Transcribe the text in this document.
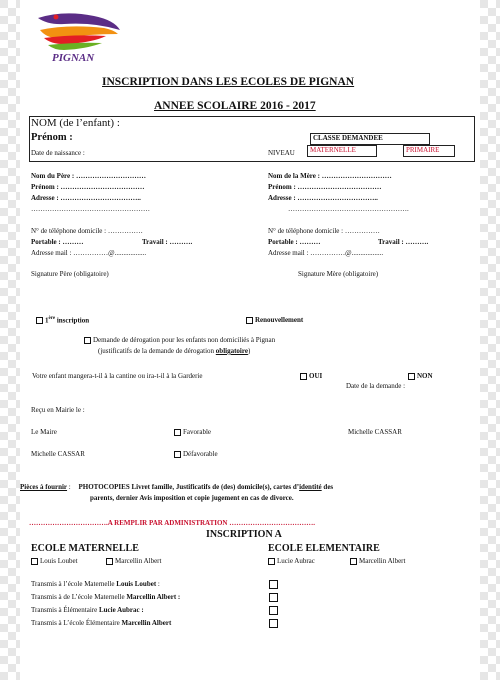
PIGNAN
INSCRIPTION DANS LES ECOLES DE PIGNAN
ANNEE SCOLAIRE 2016 - 2017
NOM (de l’enfant) :
Prénom :
Date de naissance :
CLASSE DEMANDEE
NIVEAU MATERNELLE	PRIMAIRE
Nom du Père : …………………………
Prénom : ………………………………
Adresse : ……………………………..
……………………………………………
N° de téléphone domicile : ……………
Portable : ………	Travail : ……….
Adresse mail : ……………@..................
Signature Père (obligatoire)
Nom de la Mère : …………………………
Prénom : ………………………………
Adresse : ……………………………..
…………………………………………….
N° de téléphone domicile : ……………
Portable : ………	Travail : ……….
Adresse mail : ……………@..................
Signature Mère (obligatoire)
1ère inscription	Renouvellement
Demande de dérogation pour les enfants non domiciliés à Pignan
(justificatifs de la demande de dérogation obligatoire)
Votre enfant mangera-t-il à la cantine ou ira-t-il à la Garderie	OUI	NON
Date de la demande :
Reçu en Mairie le :
Le Maire	Favorable	Michelle CASSAR
Michelle CASSAR	Défavorable
Pièces à fournir : PHOTOCOPIES Livret famille, Justificatifs de (des) domicile(s), cartes d’identité des
parents, dernier Avis imposition et copie jugement en cas de divorce.
…………………………….A REMPLIR PAR ADMINISTRATION ……………………………….
INSCRIPTION A
ECOLE MATERNELLE	ECOLE ELEMENTAIRE
Louis Loubet	Marcellin Albert	Lucie Aubrac	Marcellin Albert
Transmis à l’école Maternelle Louis Loubet :
Transmis à de L’école Maternelle Marcellin Albert :
Transmis à Élémentaire Lucie Aubrac :
Transmis à L’école Élémentaire Marcellin Albert
